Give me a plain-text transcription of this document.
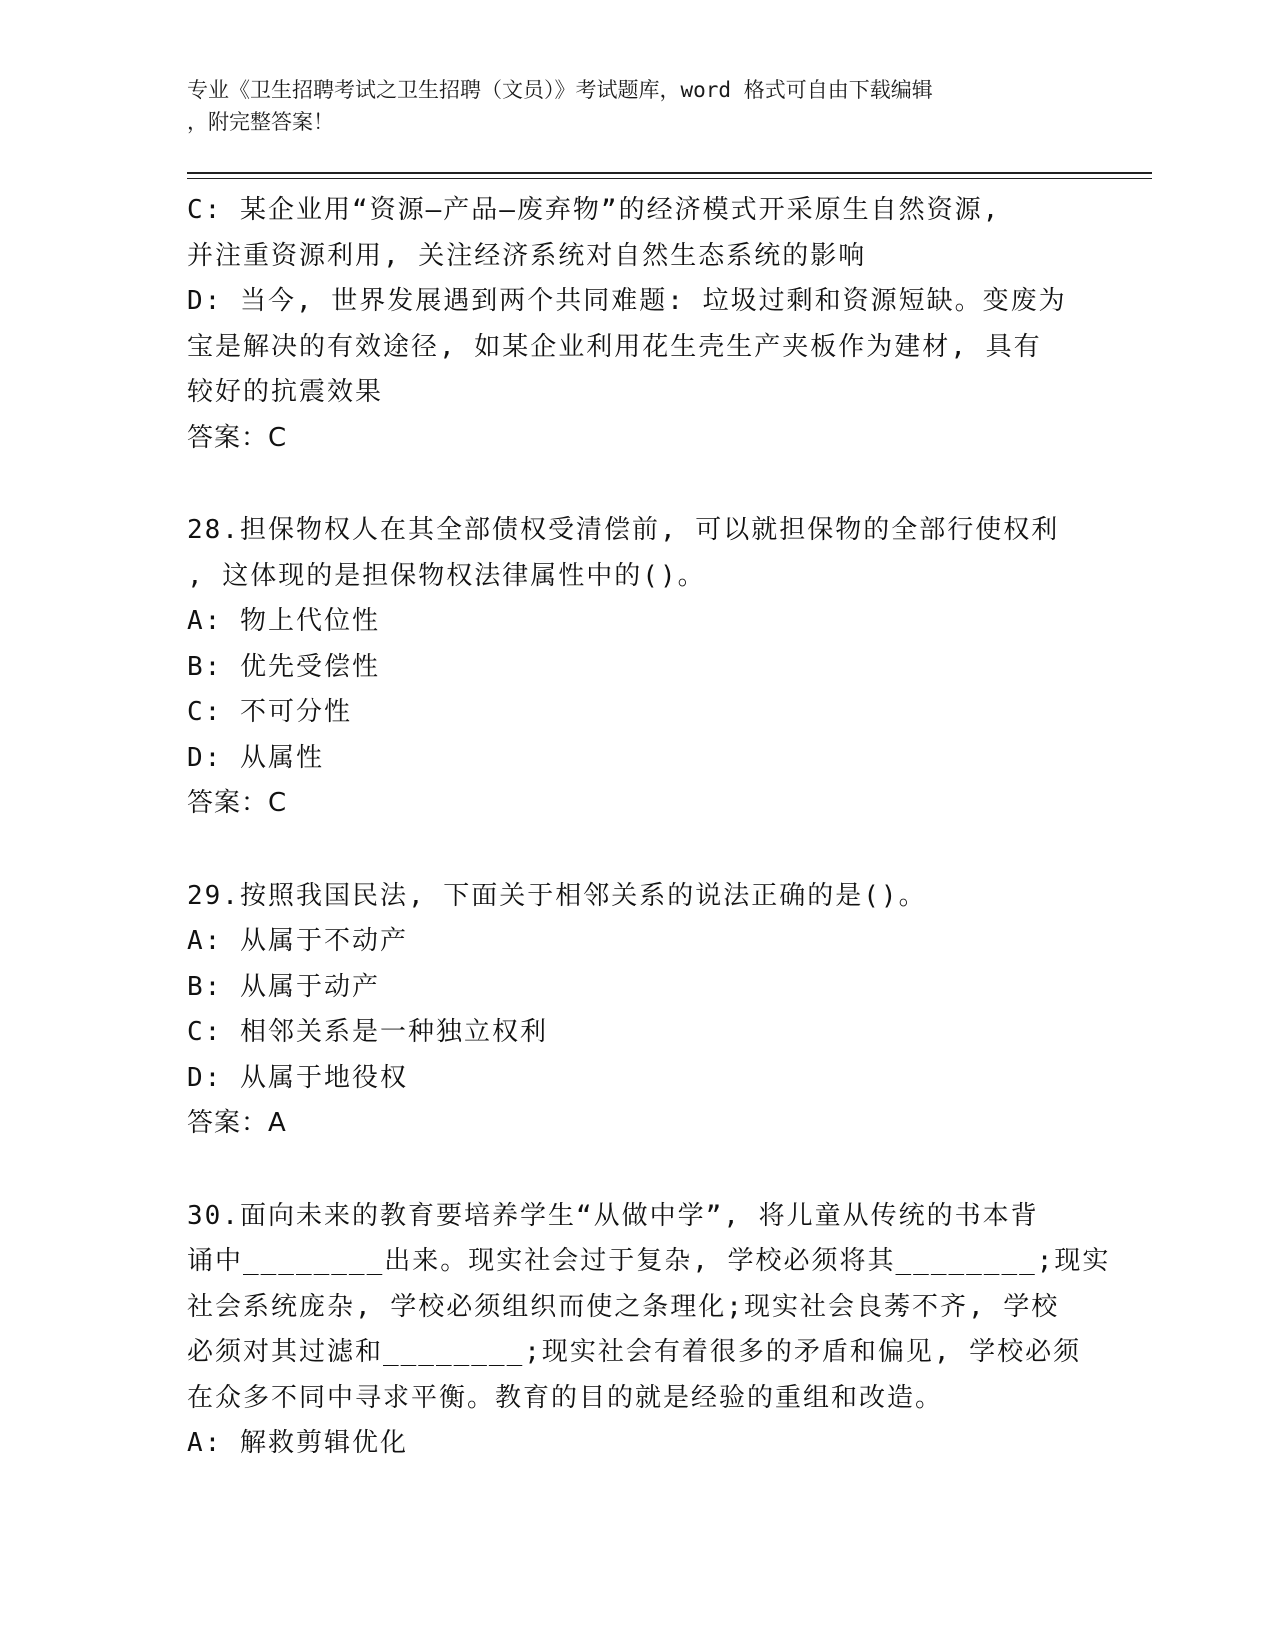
专业《卫生招聘考试之卫生招聘（文员）》考试题库，word 格式可自由下载编辑
，附完整答案！
C: 某企业用“资源—产品—废弃物”的经济模式开采原生自然资源,
并注重资源利用, 关注经济系统对自然生态系统的影响
D: 当今, 世界发展遇到两个共同难题: 垃圾过剩和资源短缺。变废为
宝是解决的有效途径, 如某企业利用花生壳生产夹板作为建材, 具有
较好的抗震效果
答案：C
28.担保物权人在其全部债权受清偿前, 可以就担保物的全部行使权利
, 这体现的是担保物权法律属性中的()。
A: 物上代位性
B: 优先受偿性
C: 不可分性
D: 从属性
答案：C
29.按照我国民法, 下面关于相邻关系的说法正确的是()。
A: 从属于不动产
B: 从属于动产
C: 相邻关系是一种独立权利
D: 从属于地役权
答案：A
30.面向未来的教育要培养学生“从做中学”, 将儿童从传统的书本背
诵中________出来。现实社会过于复杂, 学校必须将其________;现实
社会系统庞杂, 学校必须组织而使之条理化;现实社会良莠不齐, 学校
必须对其过滤和________;现实社会有着很多的矛盾和偏见, 学校必须
在众多不同中寻求平衡。教育的目的就是经验的重组和改造。
A: 解救剪辑优化
